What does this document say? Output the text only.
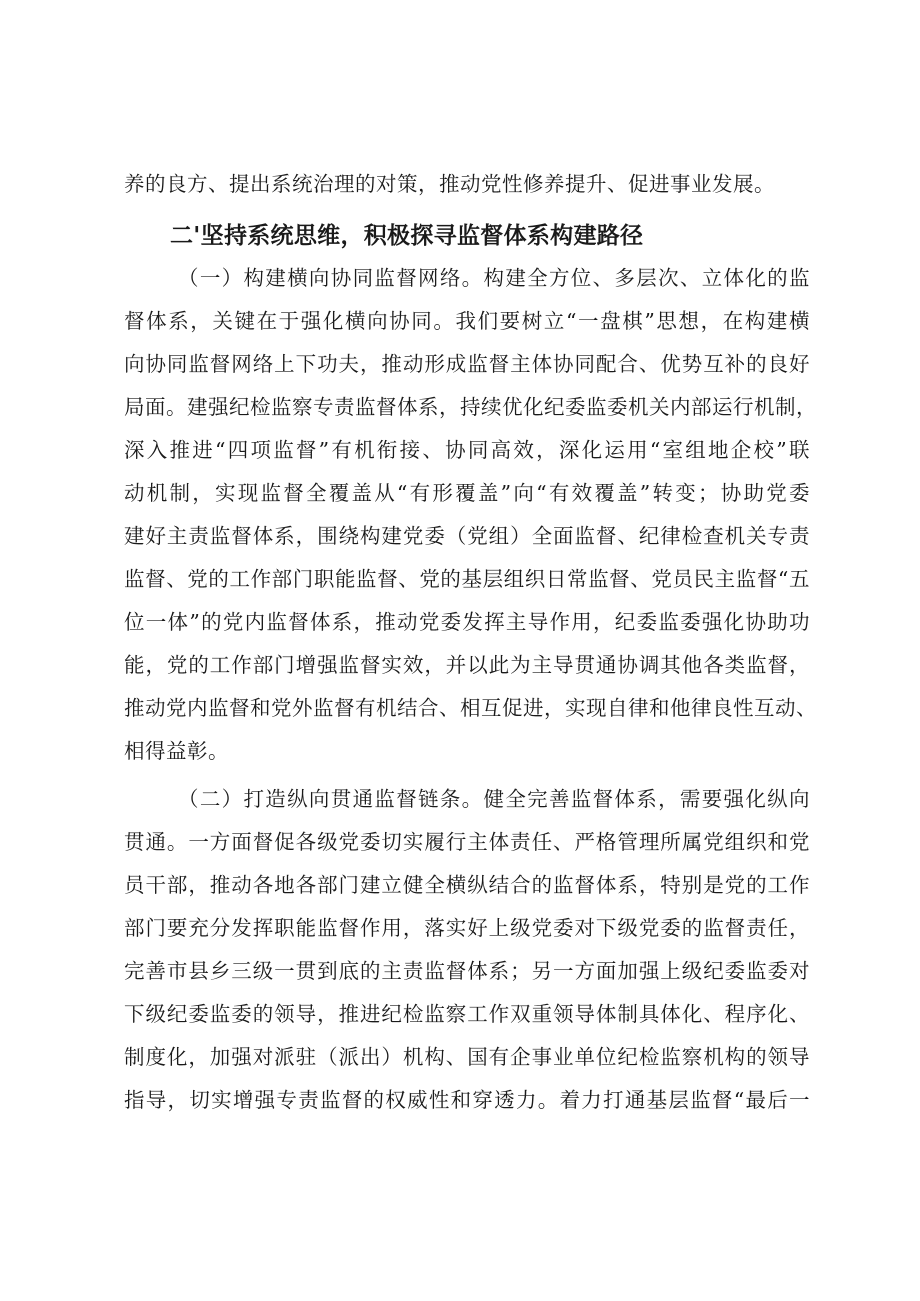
养的良方、提出系统治理的对策，推动党性修养提升、促进事业发展。
二'坚持系统思维，积极探寻监督体系构建路径
（一）构建横向协同监督网络。构建全方位、多层次、立体化的监
督体系，关键在于强化横向协同。我们要树立“一盘棋”思想，在构建横
向协同监督网络上下功夫，推动形成监督主体协同配合、优势互补的良好
局面。建强纪检监察专责监督体系，持续优化纪委监委机关内部运行机制，
深入推进“四项监督”有机衔接、协同高效，深化运用“室组地企校”联
动机制，实现监督全覆盖从“有形覆盖”向“有效覆盖”转变；协助党委
建好主责监督体系，围绕构建党委（党组）全面监督、纪律检查机关专责
监督、党的工作部门职能监督、党的基层组织日常监督、党员民主监督“五
位一体”的党内监督体系，推动党委发挥主导作用，纪委监委强化协助功
能，党的工作部门增强监督实效，并以此为主导贯通协调其他各类监督，
推动党内监督和党外监督有机结合、相互促进，实现自律和他律良性互动、
相得益彰。
（二）打造纵向贯通监督链条。健全完善监督体系，需要强化纵向
贯通。一方面督促各级党委切实履行主体责任、严格管理所属党组织和党
员干部，推动各地各部门建立健全横纵结合的监督体系，特别是党的工作
部门要充分发挥职能监督作用，落实好上级党委对下级党委的监督责任，
完善市县乡三级一贯到底的主责监督体系；另一方面加强上级纪委监委对
下级纪委监委的领导，推进纪检监察工作双重领导体制具体化、程序化、
制度化，加强对派驻（派出）机构、国有企事业单位纪检监察机构的领导
指导，切实增强专责监督的权威性和穿透力。着力打通基层监督“最后一
